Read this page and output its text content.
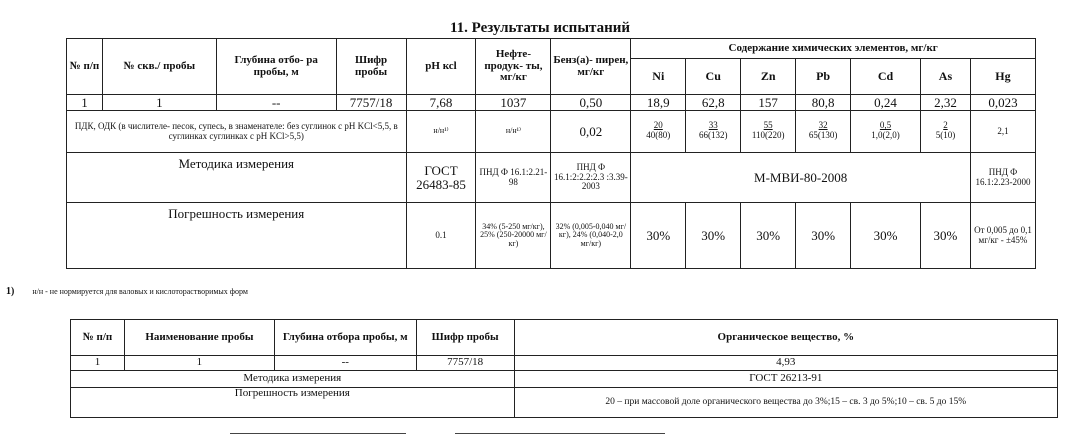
11. Результаты испытаний
№ п/п	№ скв./ пробы	Глубина отбо- ра пробы, м	Шифр пробы	pH ксl	Нефте- продук- ты, мг/кг	Бенз(а)- пирен, мг/кг	Содержание химических элементов, мг/кг						
							Ni	Cu	Zn	Pb	Cd	As	Hg
1	1	--	7757/18	7,68	1037	0,50	18,9	62,8	157	80,8	0,24	2,32	0,023
ПДК, ОДК (в числителе- песок, супесь, в знаменателе: без суглинок с pH KCl<5,5, в суглинках суглинках с pH KCl>5,5)				н/н¹⁾	н/н¹⁾	0,02	$\frac{20}{40(80)}$	$\frac{33}{66(132)}$	$\frac{55}{110(220)}$	$\frac{32}{65(130)}$	$\frac{0,5}{1,0(2,0)}$	$\frac{2}{5(10)}$	2,1
Методика измерения				ГОСТ 26483-85	ПНД Ф 16.1:2.21-98	ПНД Ф 16.1:2:2.2:2.3 :3.39-2003	М-МВИ-80-2008						ПНД Ф 16.1:2.23-2000
Погрешность измерения				0.1	34% (5-250 мг/кг), 25% (250-20000 мг/кг)	32% (0,005-0,040 мг/кг), 24% (0,040-2,0 мг/кг)	30%	30%	30%	30%	30%	30%	От 0,005 до 0,1 мг/кг - ±45%
1) н/н - не нормируется для валовых и кислоторастворимых форм
№ п/п	Наименование пробы	Глубина отбора пробы, м	Шифр пробы	Органическое вещество, %
1	1	--	7757/18	4,93
Методика измерения				ГОСТ 26213-91
Погрешность измерения				20 – при массовой доле органического вещества до 3%;15 – св. 3 до 5%;10 – св. 5 до 15%
